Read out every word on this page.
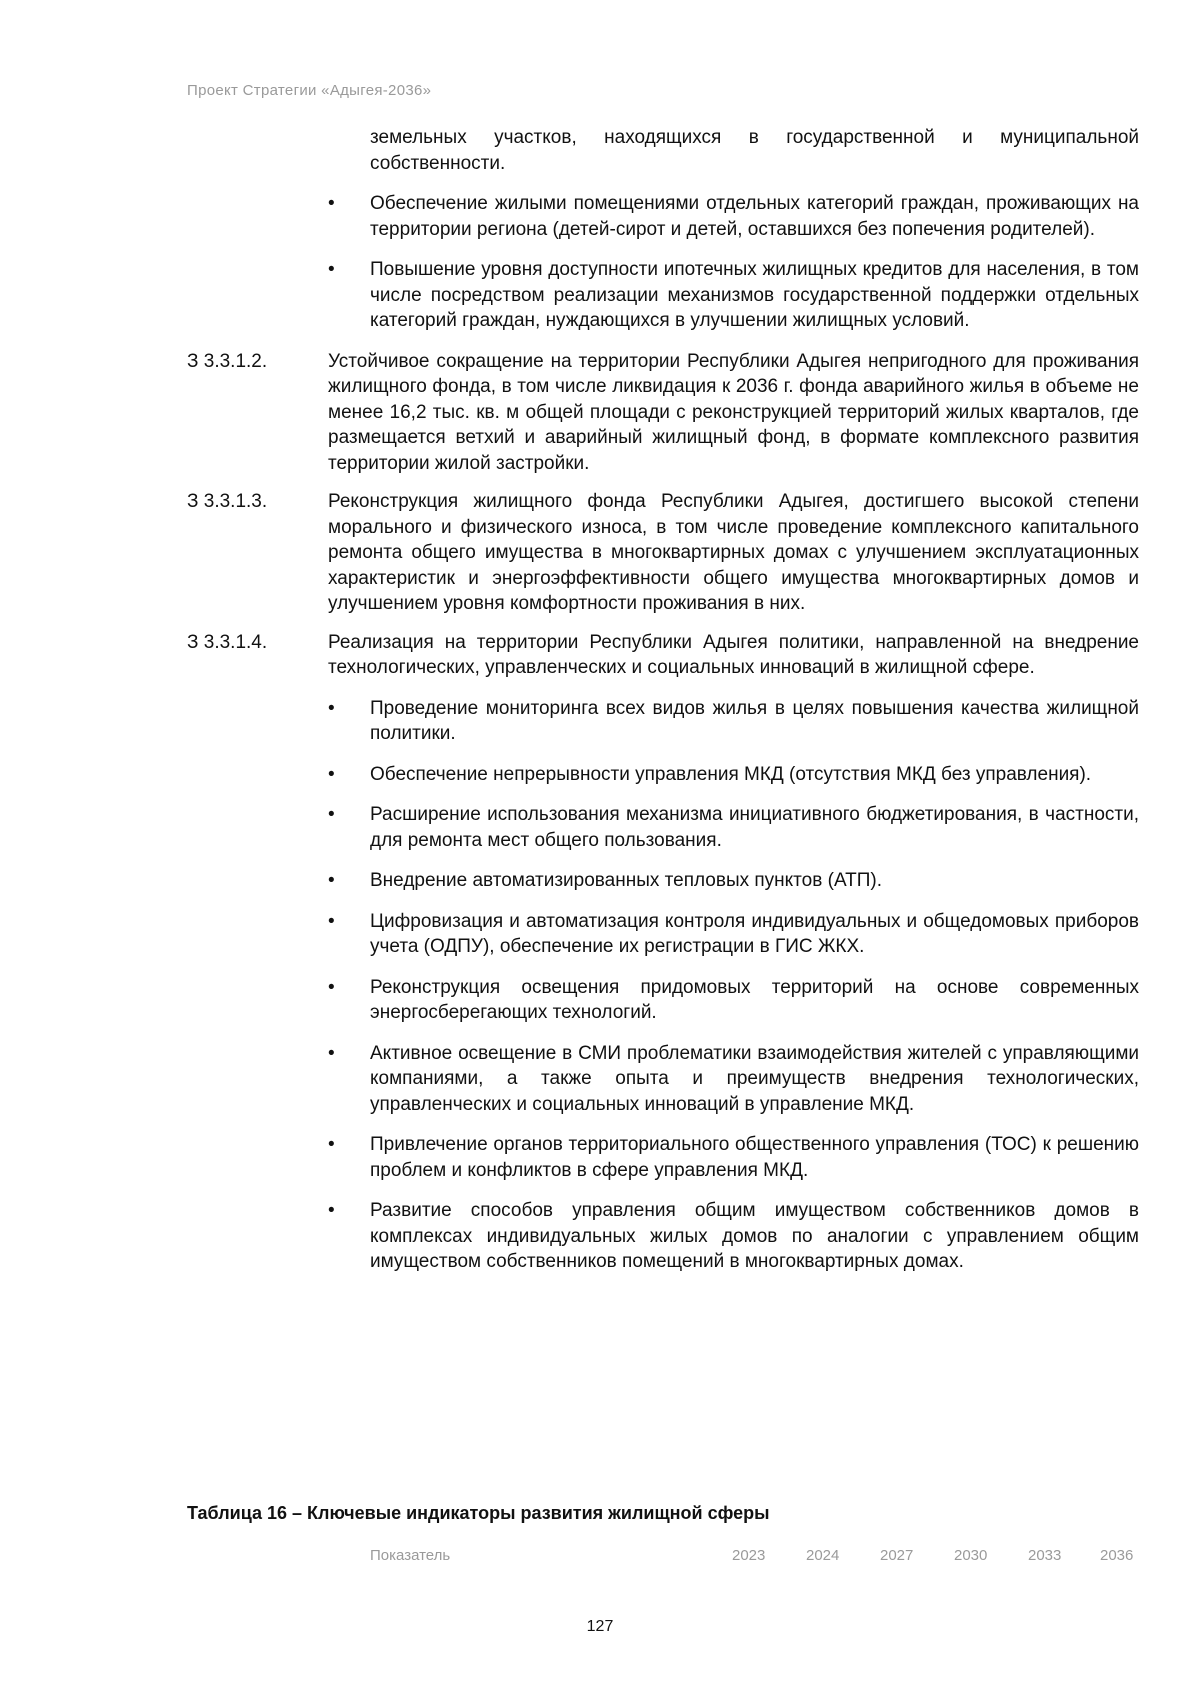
Проект Стратегии «Адыгея-2036»

земельных участков, находящихся в государственной и муниципальной собственности.

• Обеспечение жилыми помещениями отдельных категорий граждан, проживающих на территории региона (детей-сирот и детей, оставшихся без попечения родителей).
• Повышение уровня доступности ипотечных жилищных кредитов для населения, в том числе посредством реализации механизмов государственной поддержки отдельных категорий граждан, нуждающихся в улучшении жилищных условий.
З 3.3.1.2.	Устойчивое сокращение на территории Республики Адыгея непригодного для проживания жилищного фонда, в том числе ликвидация к 2036 г. фонда аварийного жилья в объеме не менее 16,2 тыс. кв. м общей площади с реконструкцией территорий жилых кварталов, где размещается ветхий и аварийный жилищный фонд, в формате комплексного развития территории жилой застройки.
З 3.3.1.3.	Реконструкция жилищного фонда Республики Адыгея, достигшего высокой степени морального и физического износа, в том числе проведение комплексного капитального ремонта общего имущества в многоквартирных домах с улучшением эксплуатационных характеристик и энергоэффективности общего имущества многоквартирных домов и улучшением уровня комфортности проживания в них.
З 3.3.1.4.	Реализация на территории Республики Адыгея политики, направленной на внедрение технологических, управленческих и социальных инноваций в жилищной сфере.
• Проведение мониторинга всех видов жилья в целях повышения качества жилищной политики.
• Обеспечение непрерывности управления МКД (отсутствия МКД без управления).
• Расширение использования механизма инициативного бюджетирования, в частности, для ремонта мест общего пользования.
• Внедрение автоматизированных тепловых пунктов (АТП).
• Цифровизация и автоматизация контроля индивидуальных и общедомовых приборов учета (ОДПУ), обеспечение их регистрации в ГИС ЖКХ.
• Реконструкция освещения придомовых территорий на основе современных энергосберегающих технологий.
• Активное освещение в СМИ проблематики взаимодействия жителей с управляющими компаниями, а также опыта и преимуществ внедрения технологических, управленческих и социальных инноваций в управление МКД.
• Привлечение органов территориального общественного управления (ТОС) к решению проблем и конфликтов в сфере управления МКД.
• Развитие способов управления общим имуществом собственников домов в комплексах индивидуальных жилых домов по аналогии с управлением общим имуществом собственников помещений в многоквартирных домах.
Таблица 16 – Ключевые индикаторы развития жилищной сферы
Показатель	2023	2024	2027	2030	2033	2036
127
